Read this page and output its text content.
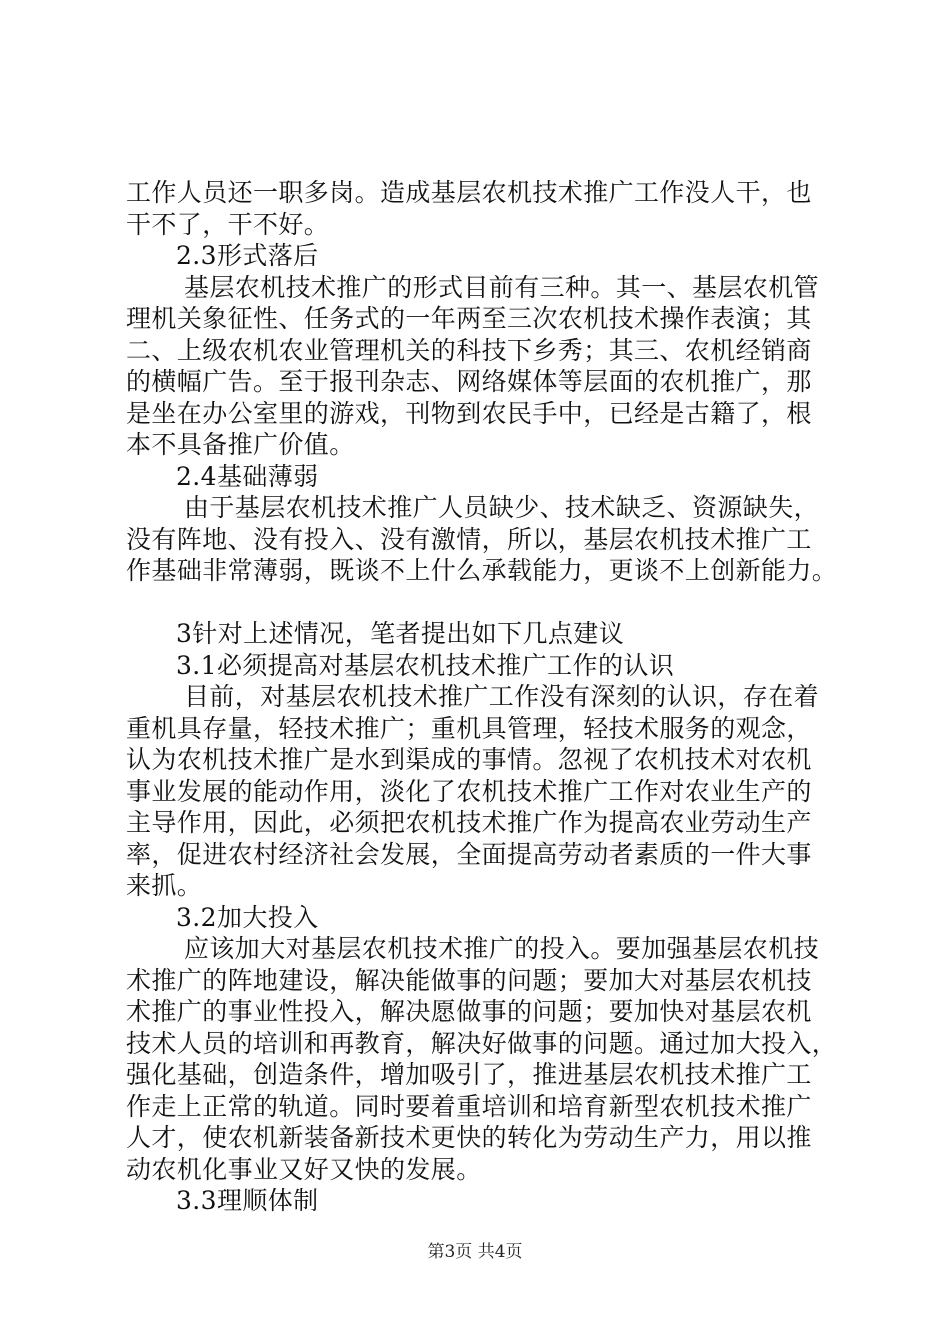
工作人员还一职多岗。造成基层农机技术推广工作没人干，也
干不了，干不好。
2.3形式落后
基层农机技术推广的形式目前有三种。其一、基层农机管
理机关象征性、任务式的一年两至三次农机技术操作表演；其
二、上级农机农业管理机关的科技下乡秀；其三、农机经销商
的横幅广告。至于报刊杂志、网络媒体等层面的农机推广，那
是坐在办公室里的游戏，刊物到农民手中，已经是古籍了，根
本不具备推广价值。
2.4基础薄弱
由于基层农机技术推广人员缺少、技术缺乏、资源缺失，
没有阵地、没有投入、没有激情，所以，基层农机技术推广工
作基础非常薄弱，既谈不上什么承载能力，更谈不上创新能力。
3针对上述情况，笔者提出如下几点建议
3.1必须提高对基层农机技术推广工作的认识
目前，对基层农机技术推广工作没有深刻的认识，存在着
重机具存量，轻技术推广；重机具管理，轻技术服务的观念，
认为农机技术推广是水到渠成的事情。忽视了农机技术对农机
事业发展的能动作用，淡化了农机技术推广工作对农业生产的
主导作用，因此，必须把农机技术推广作为提高农业劳动生产
率，促进农村经济社会发展，全面提高劳动者素质的一件大事
来抓。
3.2加大投入
应该加大对基层农机技术推广的投入。要加强基层农机技
术推广的阵地建设，解决能做事的问题；要加大对基层农机技
术推广的事业性投入，解决愿做事的问题；要加快对基层农机
技术人员的培训和再教育，解决好做事的问题。通过加大投入，
强化基础，创造条件，增加吸引了，推进基层农机技术推广工
作走上正常的轨道。同时要着重培训和培育新型农机技术推广
人才，使农机新装备新技术更快的转化为劳动生产力，用以推
动农机化事业又好又快的发展。
3.3理顺体制
第3页 共4页
